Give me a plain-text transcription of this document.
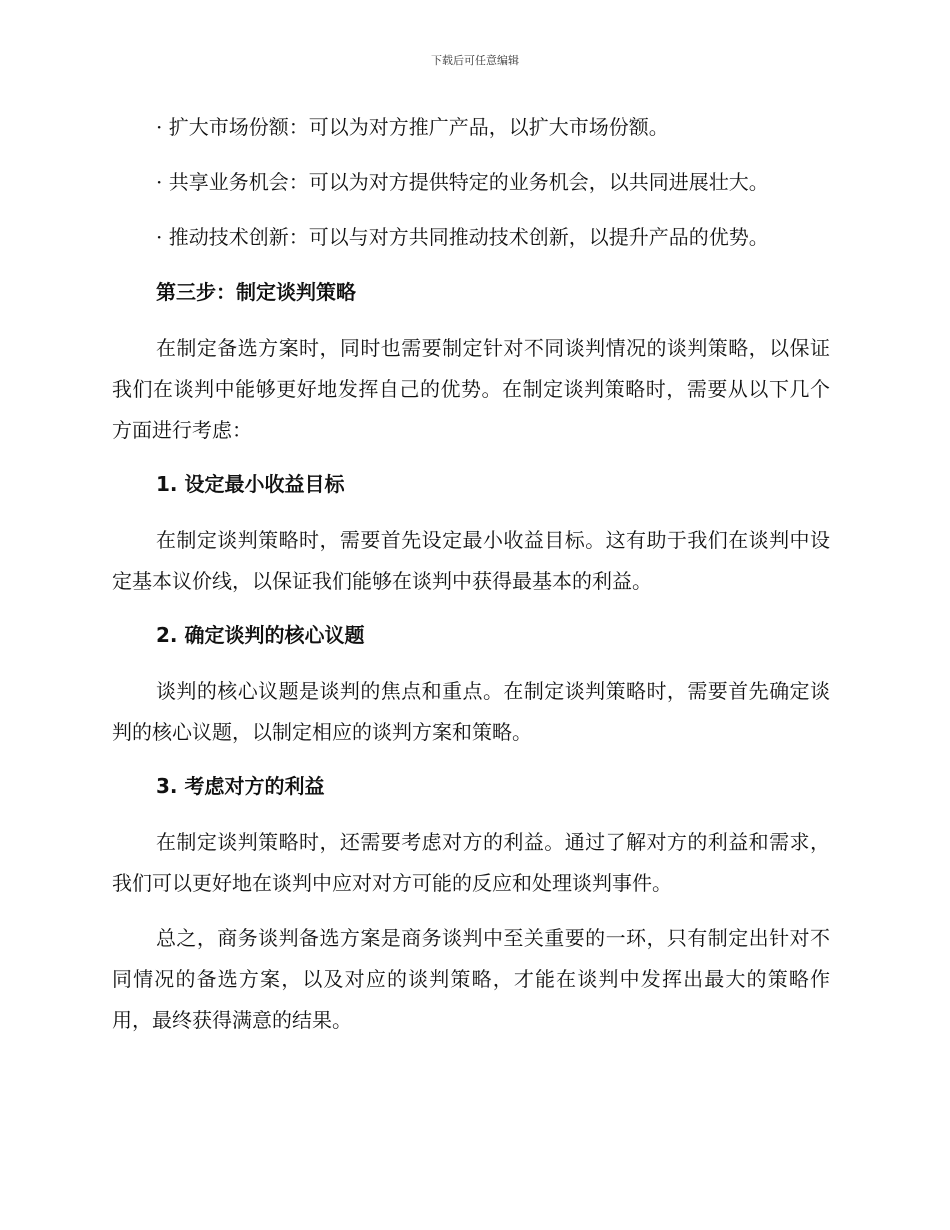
下载后可任意编辑

· 扩大市场份额：可以为对方推广产品，以扩大市场份额。

· 共享业务机会：可以为对方提供特定的业务机会，以共同进展壮大。

· 推动技术创新：可以与对方共同推动技术创新，以提升产品的优势。

第三步：制定谈判策略

在制定备选方案时，同时也需要制定针对不同谈判情况的谈判策略，以保证我们在谈判中能够更好地发挥自己的优势。在制定谈判策略时，需要从以下几个方面进行考虑：

1. 设定最小收益目标

在制定谈判策略时，需要首先设定最小收益目标。这有助于我们在谈判中设定基本议价线，以保证我们能够在谈判中获得最基本的利益。

2. 确定谈判的核心议题

谈判的核心议题是谈判的焦点和重点。在制定谈判策略时，需要首先确定谈判的核心议题，以制定相应的谈判方案和策略。

3. 考虑对方的利益

在制定谈判策略时，还需要考虑对方的利益。通过了解对方的利益和需求，我们可以更好地在谈判中应对对方可能的反应和处理谈判事件。

总之，商务谈判备选方案是商务谈判中至关重要的一环，只有制定出针对不同情况的备选方案，以及对应的谈判策略，才能在谈判中发挥出最大的策略作用，最终获得满意的结果。
